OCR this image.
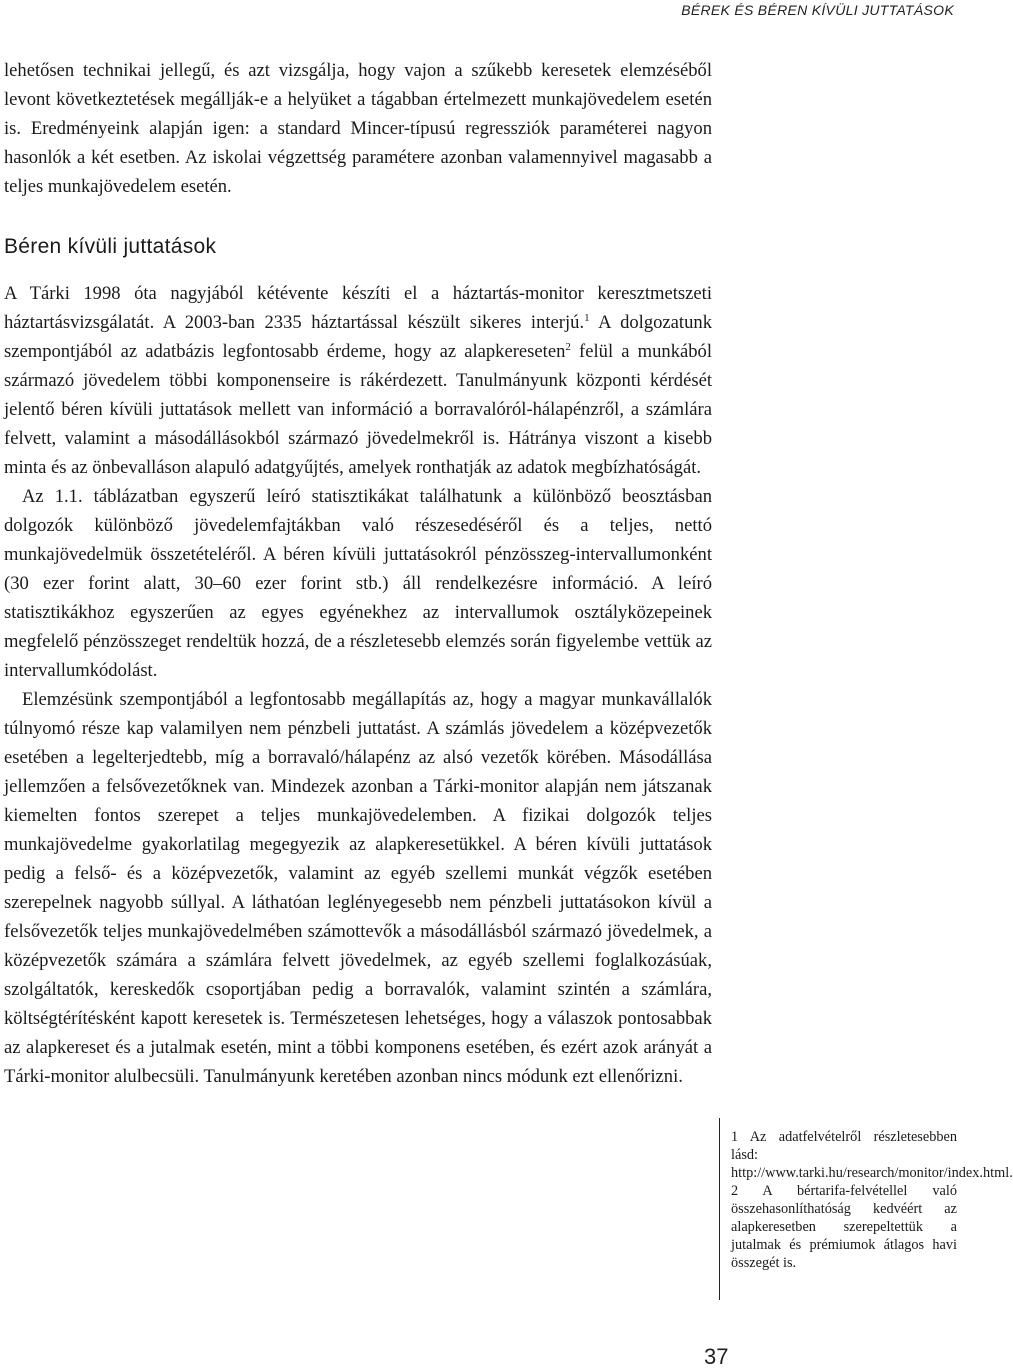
BÉREK ÉS BÉREN KÍVÜLI JUTTATÁSOK

lehetősen technikai jellegű, és azt vizsgálja, hogy vajon a szűkebb keresetek elemzéséből levont következtetések megállják-e a helyüket a tágabban értelmezett munkajövedelem esetén is. Eredményeink alapján igen: a standard Mincer-típusú regressziók paraméterei nagyon hasonlók a két esetben. Az iskolai végzettség paramétere azonban valamennyivel magasabb a teljes munkajövedelem esetén.

Béren kívüli juttatások

A Tárki 1998 óta nagyjából kétévente készíti el a háztartás-monitor keresztmetszeti háztartásvizsgálatát. A 2003-ban 2335 háztartással készült sikeres interjú.$^1$ A dolgozatunk szempontjából az adatbázis legfontosabb érdeme, hogy az alapkereseten$^2$ felül a munkából származó jövedelem többi komponenseire is rákérdezett. Tanulmányunk központi kérdését jelentő béren kívüli juttatások mellett van információ a borravalóról-hálapénzről, a számlára felvett, valamint a másodállásokból származó jövedelmekről is. Hátránya viszont a kisebb minta és az önbevalláson alapuló adatgyűjtés, amelyek ronthatják az adatok megbízhatóságát.

Az 1.1. táblázatban egyszerű leíró statisztikákat találhatunk a különböző beosztásban dolgozók különböző jövedelemfajtákban való részesedéséről és a teljes, nettó munkajövedelmük összetételéről. A béren kívüli juttatásokról pénzösszeg-intervallumonként (30 ezer forint alatt, 30–60 ezer forint stb.) áll rendelkezésre információ. A leíró statisztikákhoz egyszerűen az egyes egyénekhez az intervallumok osztályközepeinek megfelelő pénzösszeget rendeltük hozzá, de a részletesebb elemzés során figyelembe vettük az intervallumkódolást.

Elemzésünk szempontjából a legfontosabb megállapítás az, hogy a magyar munkavállalók túlnyomó része kap valamilyen nem pénzbeli juttatást. A számlás jövedelem a középvezetők esetében a legelterjedtebb, míg a borravaló/hálapénz az alsó vezetők körében. Másodállása jellemzően a felsővezetőknek van. Mindezek azonban a Tárki-monitor alapján nem játszanak kiemelten fontos szerepet a teljes munkajövedelemben. A fizikai dolgozók teljes munkajövedelme gyakorlatilag megegyezik az alapkeresetükkel. A béren kívüli juttatások pedig a felső- és a középvezetők, valamint az egyéb szellemi munkát végzők esetében szerepelnek nagyobb súllyal. A láthatóan leglényegesebb nem pénzbeli juttatásokon kívül a felsővezetők teljes munkajövedelmében számottevők a másodállásból származó jövedelmek, a középvezetők számára a számlára felvett jövedelmek, az egyéb szellemi foglalkozásúak, szolgáltatók, kereskedők csoportjában pedig a borravalók, valamint szintén a számlára, költségtérítésként kapott keresetek is. Természetesen lehetséges, hogy a válaszok pontosabbak az alapkereset és a jutalmak esetén, mint a többi komponens esetében, és ezért azok arányát a Tárki-monitor alulbecsüli. Tanulmányunk keretében azonban nincs módunk ezt ellenőrizni.

1 Az adatfelvételről részletesebben lásd: http://www.tarki.hu/research/monitor/index.html.

2 A bértarifa-felvétellel való összehasonlíthatóság kedvéért az alapkeresetben szerepeltettük a jutalmak és prémiumok átlagos havi összegét is.

37
